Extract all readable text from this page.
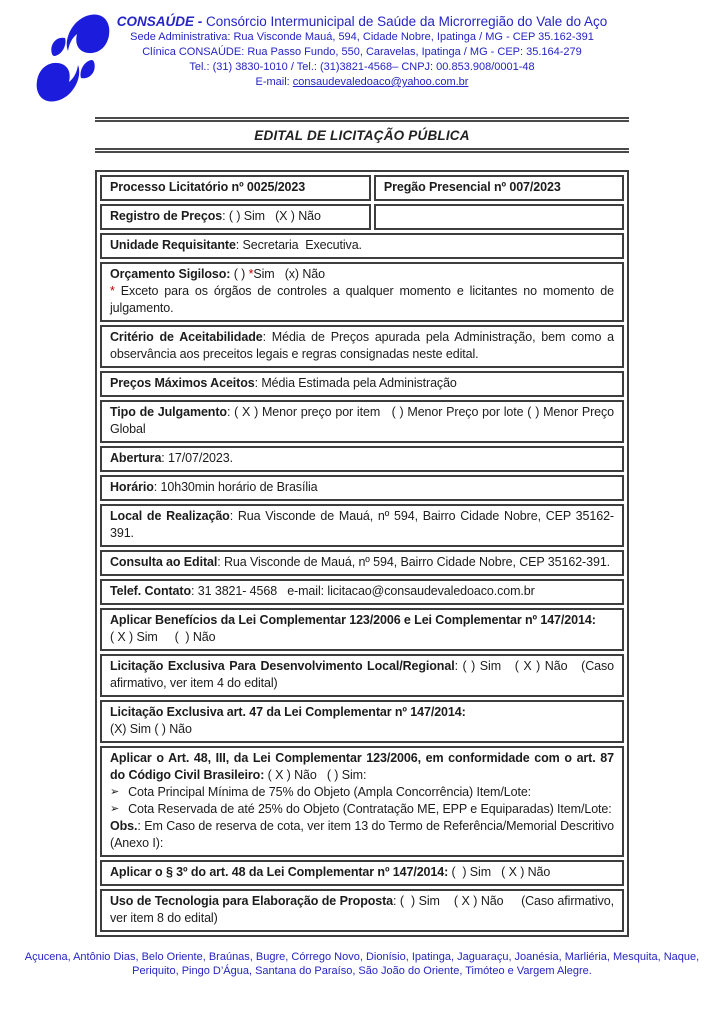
CONSAÚDE - Consórcio Intermunicipal de Saúde da Microrregião do Vale do Aço
Sede Administrativa: Rua Visconde Mauá, 594, Cidade Nobre, Ipatinga / MG - CEP 35.162-391
Clínica CONSAÚDE: Rua Passo Fundo, 550, Caravelas, Ipatinga / MG - CEP: 35.164-279
Tel.: (31) 3830-1010 / Tel.: (31)3821-4568– CNPJ: 00.853.908/0001-48
E-mail: consaudevaledoaco@yahoo.com.br
EDITAL DE LICITAÇÃO PÚBLICA
Processo Licitatório nº 0025/2023	Pregão Presencial nº 007/2023
Registro de Preços: ( ) Sim   (X ) Não	
Unidade Requisitante: Secretaria  Executiva.	

Orçamento Sigiloso: ( ) *Sim   (x) Não
* Exceto para os órgãos de controles a qualquer momento e licitantes no momento de julgamento.	

Critério de Aceitabilidade: Média de Preços apurada pela Administração, bem como a observância aos preceitos legais e regras consignadas neste edital.	
Preços Máximos Aceitos: Média Estimada pela Administração	
Tipo de Julgamento: ( X ) Menor preço por item   ( ) Menor Preço por lote ( ) Menor Preço Global	
Abertura: 17/07/2023.	
Horário: 10h30min horário de Brasília	
Local de Realização: Rua Visconde de Mauá, nº 594, Bairro Cidade Nobre, CEP 35162-391.	
Consulta ao Edital: Rua Visconde de Mauá, nº 594, Bairro Cidade Nobre, CEP 35162-391.	
Telef. Contato: 31 3821- 4568   e-mail: licitacao@consaudevaledoaco.com.br	

Aplicar Benefícios da Lei Complementar 123/2006 e Lei Complementar nº 147/2014:
( X ) Sim     (  ) Não	

Licitação Exclusiva Para Desenvolvimento Local/Regional: ( ) Sim   ( X ) Não   (Caso afirmativo, ver item 4 do edital)	

Licitação Exclusiva art. 47 da Lei Complementar nº 147/2014:
(X) Sim ( ) Não	

Aplicar o Art. 48, III, da Lei Complementar 123/2006, em conformidade com o art. 87 do Código Civil Brasileiro: ( X ) Não   ( ) Sim:
➢ Cota Principal Mínima de 75% do Objeto (Ampla Concorrência) Item/Lote:
➢ Cota Reservada de até 25% do Objeto (Contratação ME, EPP e Equiparadas) Item/Lote:
Obs.: Em Caso de reserva de cota, ver item 13 do Termo de Referência/Memorial Descritivo (Anexo I):

Aplicar o § 3º do art. 48 da Lei Complementar nº 147/2014: (  ) Sim   ( X ) Não	
Uso de Tecnologia para Elaboração de Proposta: (  ) Sim    ( X ) Não     (Caso afirmativo, ver item 8 do edital)	
Açucena, Antônio Dias, Belo Oriente, Braúnas, Bugre, Córrego Novo, Dionísio, Ipatinga, Jaguaraçu, Joanésia, Marliéria, Mesquita, Naque, Periquito, Pingo D’Água, Santana do Paraíso, São João do Oriente, Timóteo e Vargem Alegre.
